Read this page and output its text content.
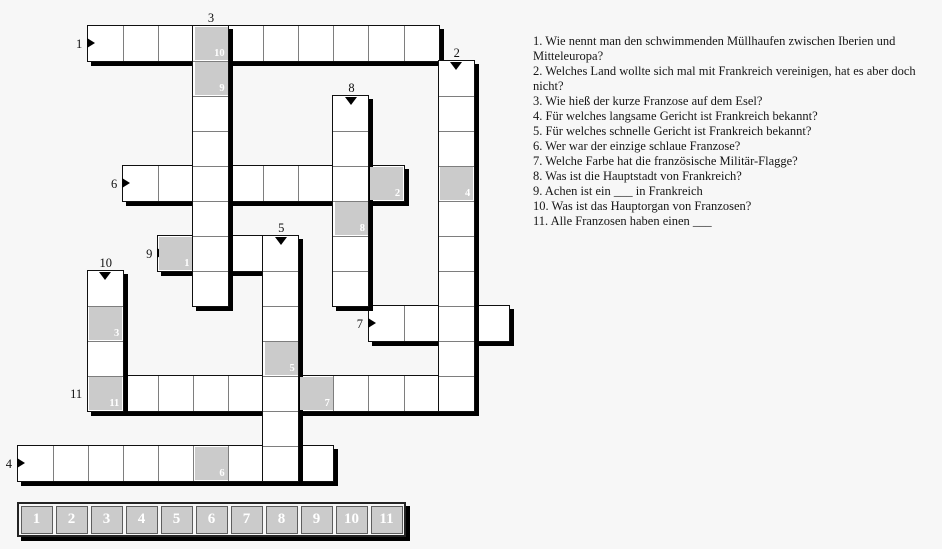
1
6
9
7
11
4
3
2
8
5
10
10
9
2	4
8
1
3
5
11	7
6
1. Wie nennt man den schwimmenden Müllhaufen zwischen Iberien und Mitteleuropa?
2. Welches Land wollte sich mal mit Frankreich vereinigen, hat es aber doch nicht?
3. Wie hieß der kurze Franzose auf dem Esel?
4. Für welches langsame Gericht ist Frankreich bekannt?
5. Für welches schnelle Gericht ist Frankreich bekannt?
6. Wer war der einzige schlaue Franzose?
7. Welche Farbe hat die französische Militär-Flagge?
8. Was ist die Hauptstadt von Frankreich?
9. Achen ist ein ___ in Frankreich
10. Was ist das Hauptorgan von Franzosen?
11. Alle Franzosen haben einen ___
1 2 3 4 5 6 7 8 9 10 11
